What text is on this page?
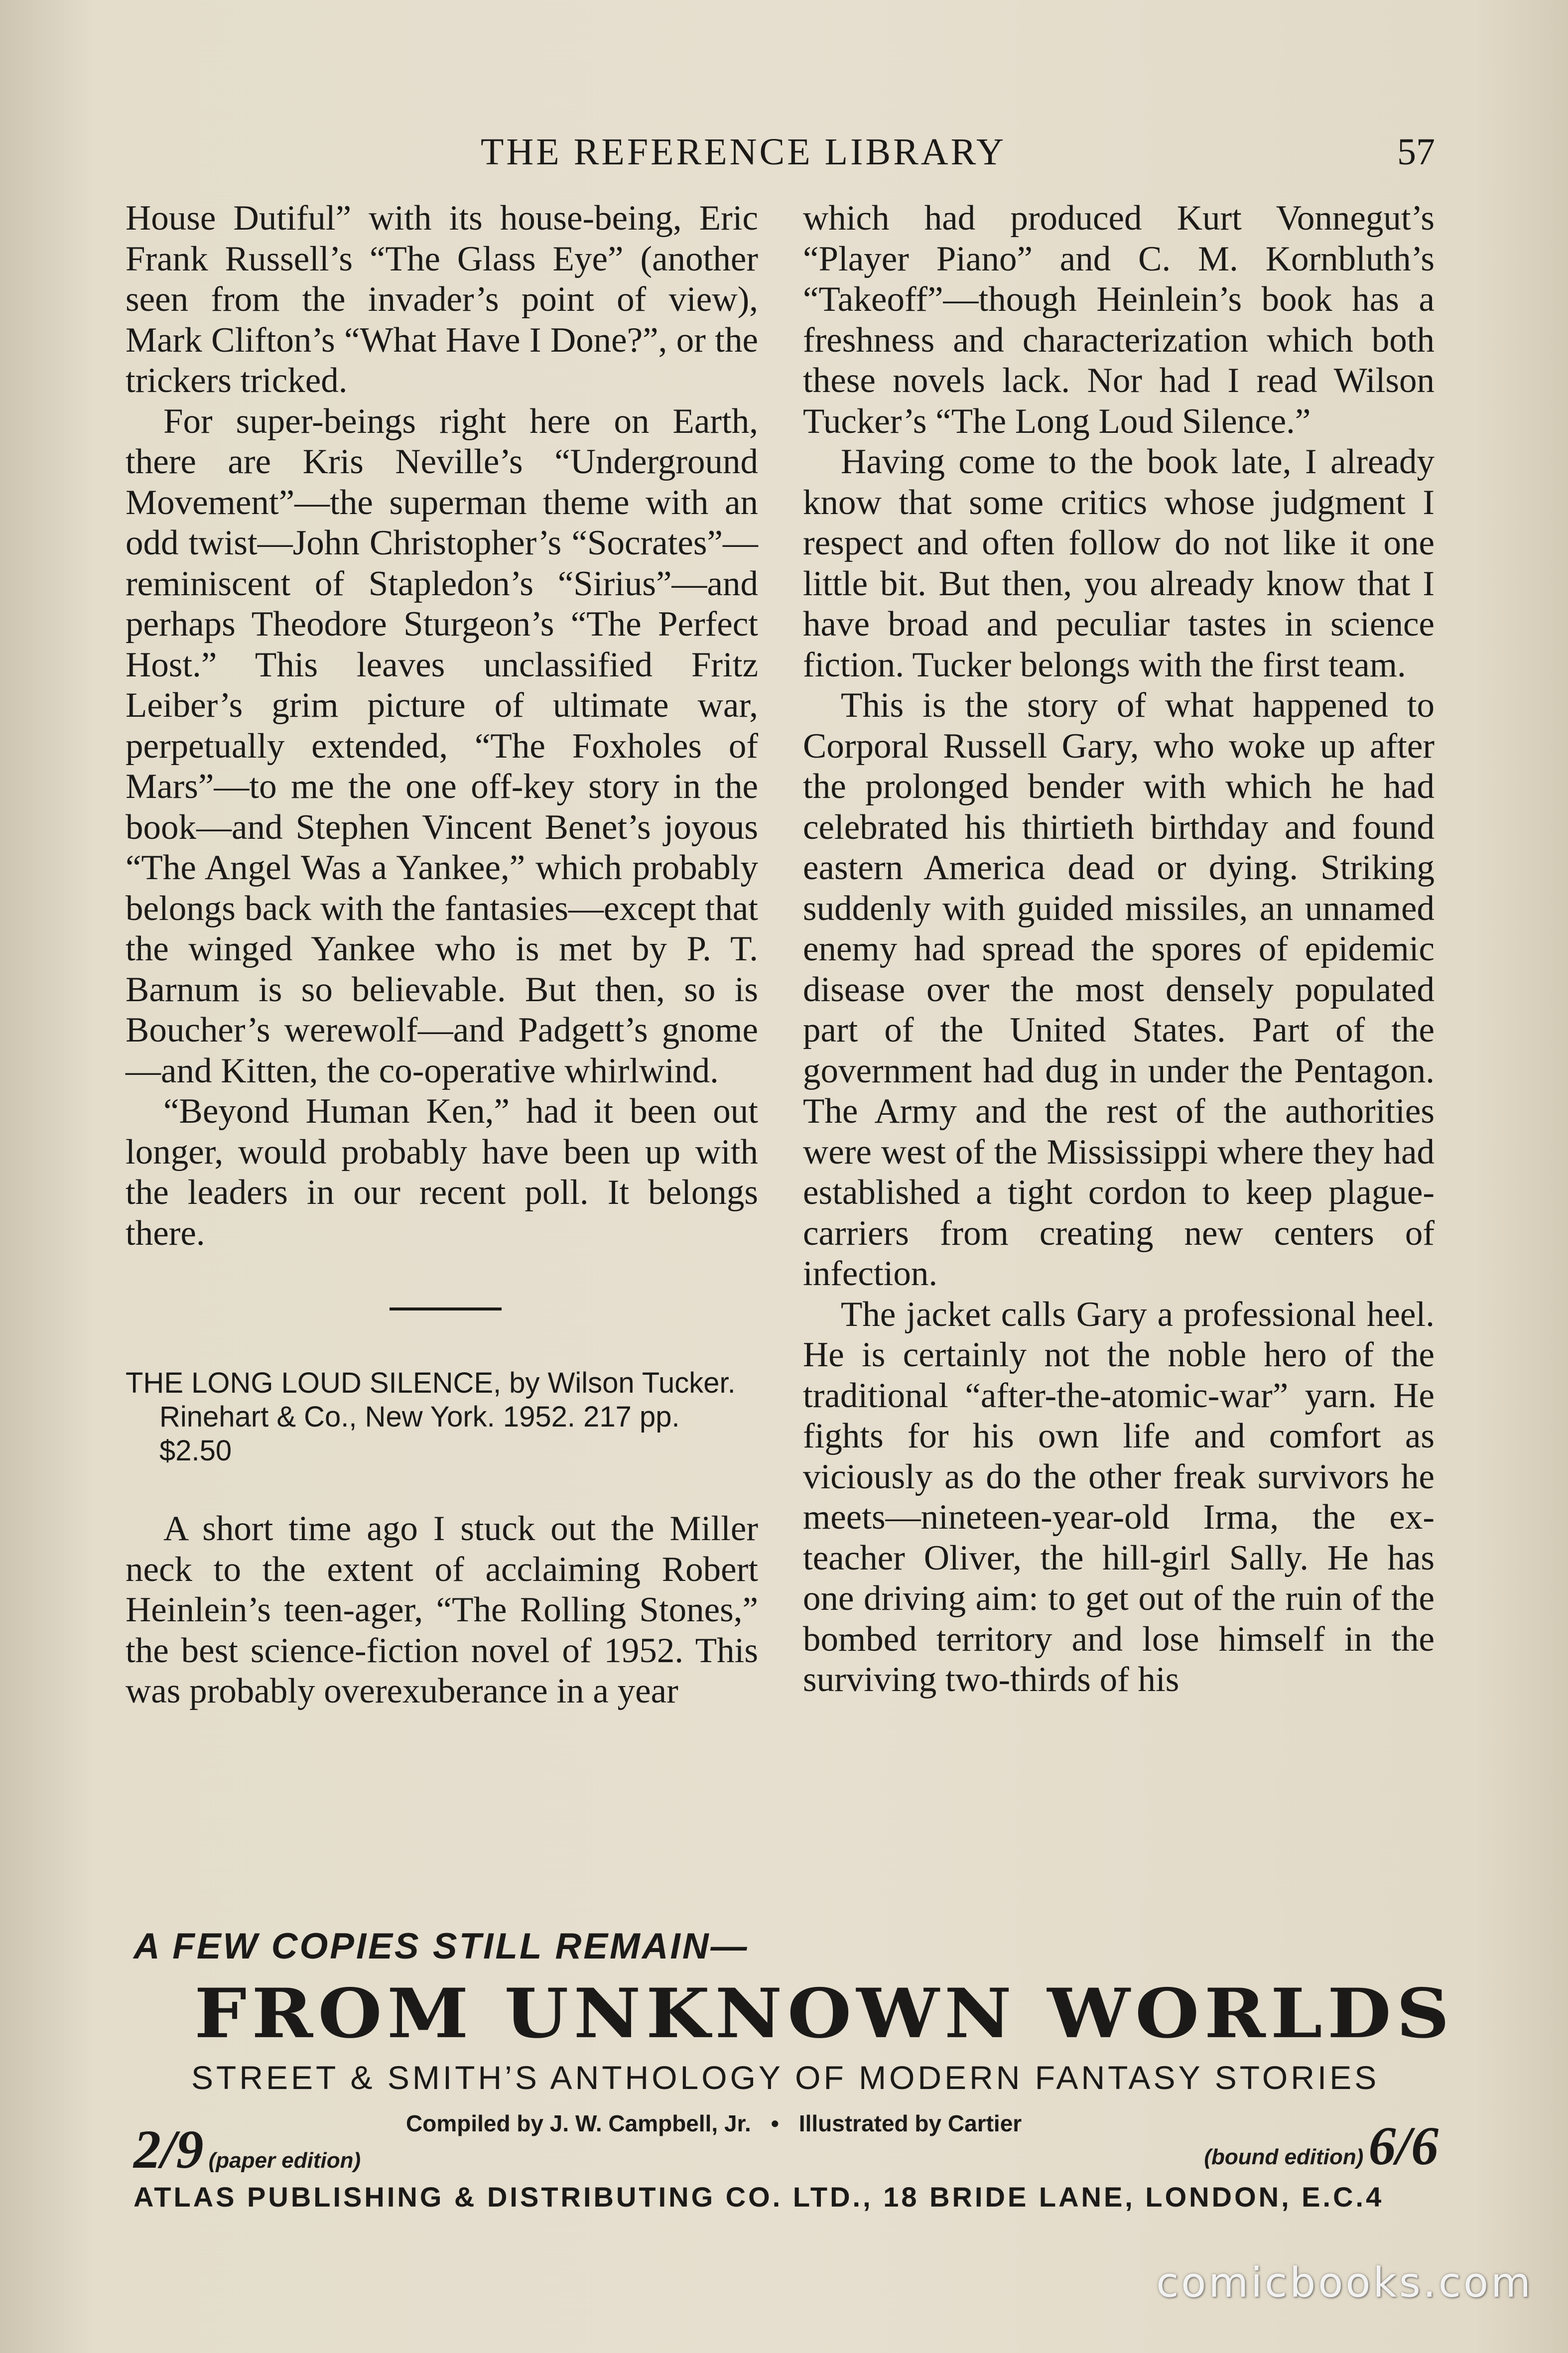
THE REFERENCE LIBRARY	57

House Dutiful” with its house-being, Eric Frank Russell’s “The Glass Eye” (another seen from the invader’s point of view), Mark Clifton’s “What Have I Done?”, or the trickers tricked.

For super-beings right here on Earth, there are Kris Neville’s “Underground Movement”—the superman theme with an odd twist—John Christopher’s “Socrates”—reminiscent of Stapledon’s “Sirius”—and perhaps Theodore Sturgeon’s “The Perfect Host.” This leaves unclassified Fritz Leiber’s grim picture of ultimate war, perpetually extended, “The Foxholes of Mars”—to me the one off-key story in the book—and Stephen Vincent Benet’s joyous “The Angel Was a Yankee,” which probably belongs back with the fantasies—except that the winged Yankee who is met by P. T. Barnum is so believable. But then, so is Boucher’s werewolf—and Padgett’s gnome—and Kitten, the co-operative whirlwind.

“Beyond Human Ken,” had it been out longer, would probably have been up with the leaders in our recent poll. It belongs there.

THE LONG LOUD SILENCE, by Wilson Tucker. Rinehart & Co., New York. 1952. 217 pp. $2.50

A short time ago I stuck out the Miller neck to the extent of acclaiming Robert Heinlein’s teen-ager, “The Rolling Stones,” the best science-fiction novel of 1952. This was probably overexuberance in a year

which had produced Kurt Vonnegut’s “Player Piano” and C. M. Kornbluth’s “Takeoff”—though Heinlein’s book has a freshness and characterization which both these novels lack. Nor had I read Wilson Tucker’s “The Long Loud Silence.”

Having come to the book late, I already know that some critics whose judgment I respect and often follow do not like it one little bit. But then, you already know that I have broad and peculiar tastes in science fiction. Tucker belongs with the first team.

This is the story of what happened to Corporal Russell Gary, who woke up after the prolonged bender with which he had celebrated his thirtieth birthday and found eastern America dead or dying. Striking suddenly with guided missiles, an unnamed enemy had spread the spores of epidemic disease over the most densely populated part of the United States. Part of the government had dug in under the Pentagon. The Army and the rest of the authorities were west of the Mississippi where they had established a tight cordon to keep plague-carriers from creating new centers of infection.

The jacket calls Gary a professional heel. He is certainly not the noble hero of the traditional “after-the-atomic-war” yarn. He fights for his own life and comfort as viciously as do the other freak survivors he meets—nineteen-year-old Irma, the ex-teacher Oliver, the hill-girl Sally. He has one driving aim: to get out of the ruin of the bombed territory and lose himself in the surviving two-thirds of his

A FEW COPIES STILL REMAIN—
FROM UNKNOWN WORLDS
STREET & SMITH’S ANTHOLOGY OF MODERN FANTASY STORIES
Compiled by J. W. Campbell, Jr. • Illustrated by Cartier
2/9 (paper edition)	(bound edition)6/6
ATLAS PUBLISHING & DISTRIBUTING CO. LTD., 18 BRIDE LANE, LONDON, E.C.4
comicbooks.com
